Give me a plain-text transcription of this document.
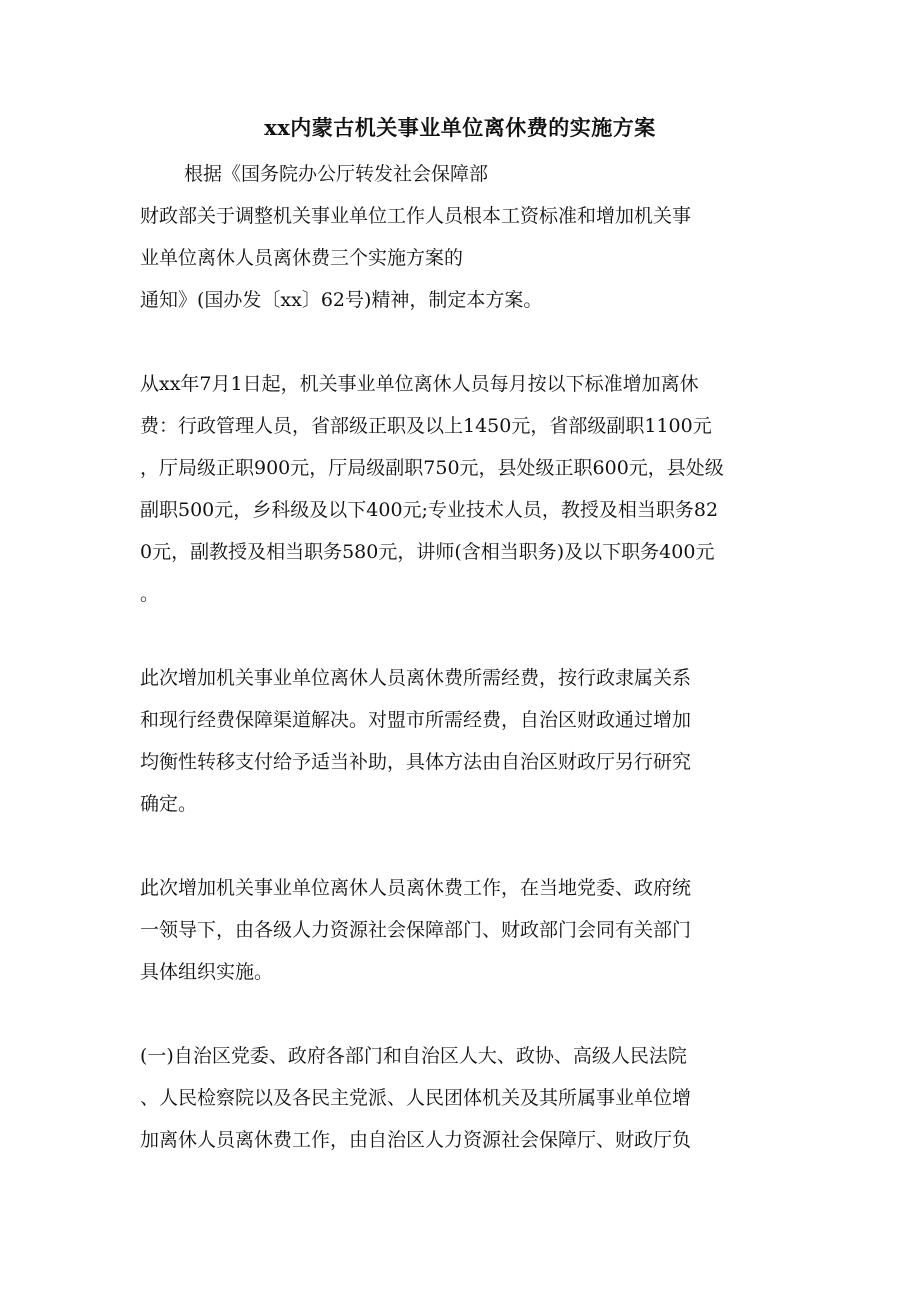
xx内蒙古机关事业单位离休费的实施方案
根据《国务院办公厅转发社会保障部
财政部关于调整机关事业单位工作人员根本工资标准和增加机关事
业单位离休人员离休费三个实施方案的
通知》(国办发〔xx〕62号)精神，制定本方案。
从xx年7月1日起，机关事业单位离休人员每月按以下标准增加离休
费：行政管理人员，省部级正职及以上1450元，省部级副职1100元
，厅局级正职900元，厅局级副职750元，县处级正职600元，县处级
副职500元，乡科级及以下400元;专业技术人员，教授及相当职务82
0元，副教授及相当职务580元，讲师(含相当职务)及以下职务400元
。
此次增加机关事业单位离休人员离休费所需经费，按行政隶属关系
和现行经费保障渠道解决。对盟市所需经费，自治区财政通过增加
均衡性转移支付给予适当补助，具体方法由自治区财政厅另行研究
确定。
此次增加机关事业单位离休人员离休费工作，在当地党委、政府统
一领导下，由各级人力资源社会保障部门、财政部门会同有关部门
具体组织实施。
(一)自治区党委、政府各部门和自治区人大、政协、高级人民法院
、人民检察院以及各民主党派、人民团体机关及其所属事业单位增
加离休人员离休费工作，由自治区人力资源社会保障厅、财政厅负
